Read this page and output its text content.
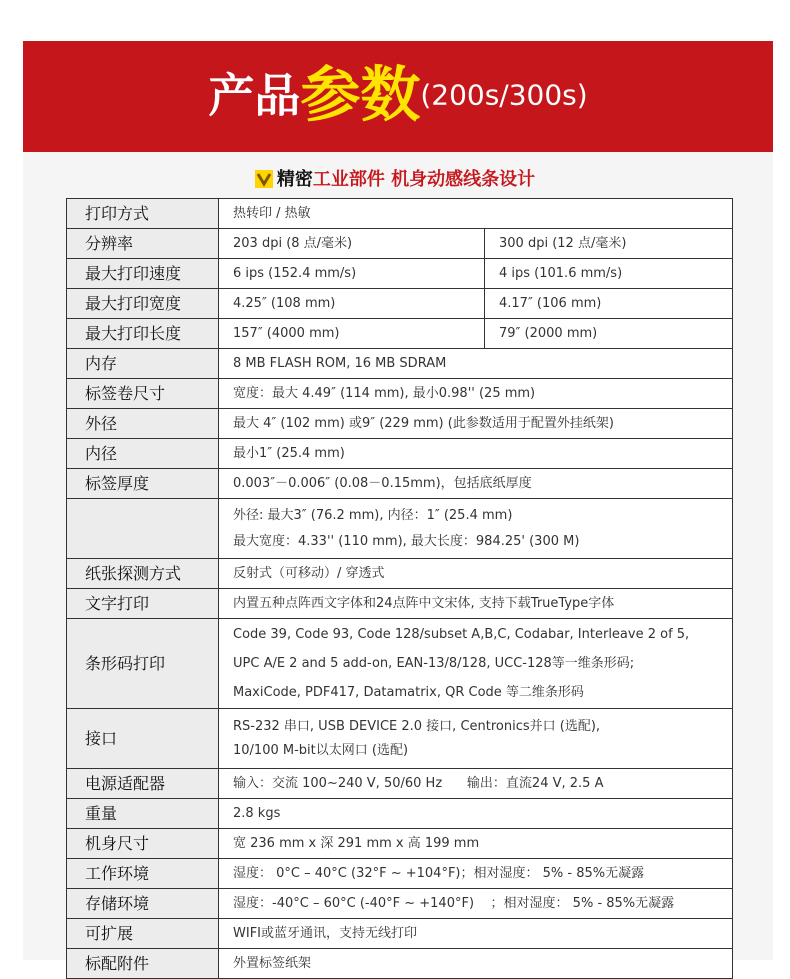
产品参数(200s/300s)
精密工业部件 机身动感线条设计
打印方式	热转印 / 热敏	
分辨率	203 dpi (8 点/毫米)	300 dpi (12 点/毫米)
最大打印速度	6 ips (152.4 mm/s)	4 ips (101.6 mm/s)
最大打印宽度	4.25″ (108 mm)	4.17″ (106 mm)
最大打印长度	157″ (4000 mm)	79″ (2000 mm)
内存	8 MB FLASH ROM, 16 MB SDRAM	
标签卷尺寸	宽度：最大 4.49″ (114 mm), 最小0.98'' (25 mm)	
外径	最大 4″ (102 mm) 或9″ (229 mm) (此参数适用于配置外挂纸架)	
内径	最小1″ (25.4 mm)	
标签厚度	0.003″－0.006″ (0.08－0.15mm)，包括底纸厚度	

	外径: 最大3″ (76.2 mm), 内径：1″ (25.4 mm)
最大宽度：4.33'' (110 mm), 最大长度：984.25' (300 M)	

纸张探测方式	反射式（可移动）/ 穿透式	
文字打印	内置五种点阵西文字体和24点阵中文宋体, 支持下载TrueType字体	
条形码打印	Code 39, Code 93, Code 128/subset A,B,C, Codabar, Interleave 2 of 5,
UPC A/E 2 and 5 add-on, EAN-13/8/128, UCC-128等一维条形码;
MaxiCode, PDF417, Datamatrix, QR Code 等二维条形码	

接口	RS-232 串口, USB DEVICE 2.0 接口, Centronics并口 (选配),
10/100 M-bit以太网口 (选配)	

电源适配器	输入：交流 100~240 V, 50/60 Hz      输出：直流24 V, 2.5 A	
重量	2.8 kgs	
机身尺寸	宽 236 mm x 深 291 mm x 高 199 mm	
工作环境	湿度： 0°C – 40°C (32°F ~ +104°F)；相对湿度： 5% - 85%无凝露	
存储环境	湿度：-40°C – 60°C (-40°F ~ +140°F)    ；相对湿度： 5% - 85%无凝露	
可扩展	WIFI或蓝牙通讯，支持无线打印	
标配附件	外置标签纸架	
